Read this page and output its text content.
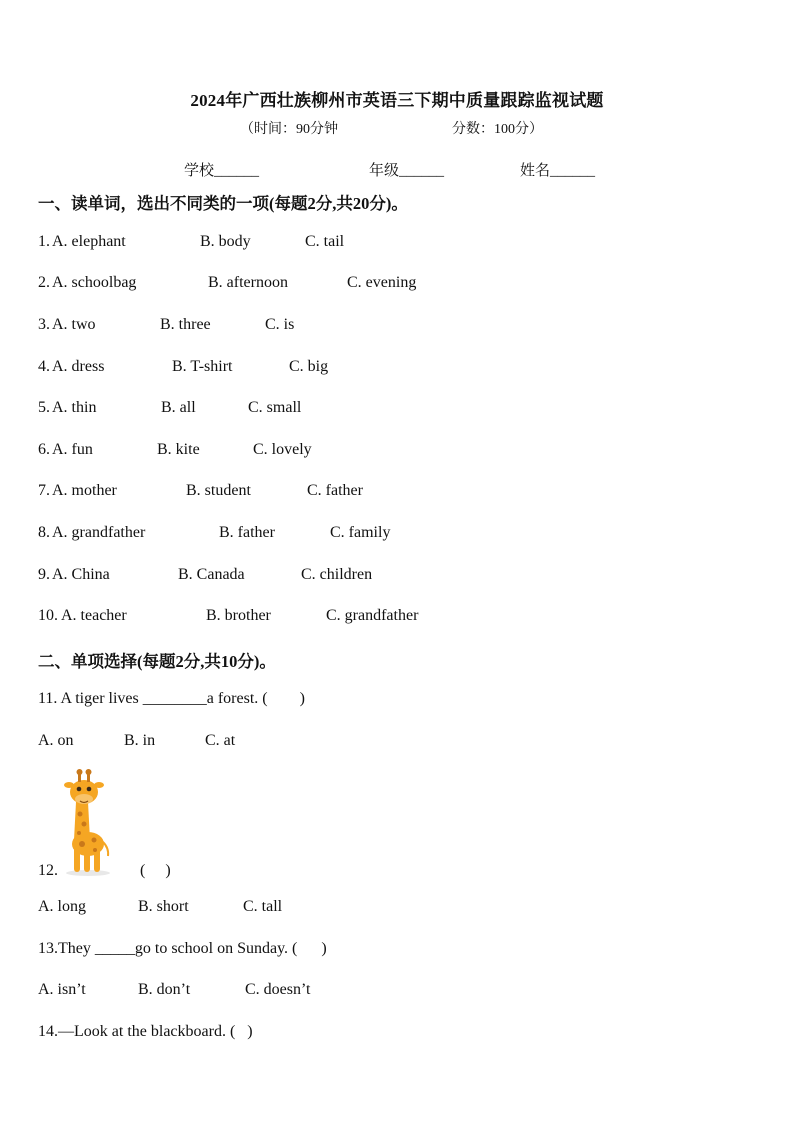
2024年广西壮族柳州市英语三下期中质量跟踪监视试题
（时间：90分钟	分数：100分）
学校______	年级______	姓名______
一、读单词，选出不同类的一项(每题2分,共20分)。
1. A. elephant	B. body	C. tail
2. A. schoolbag	B. afternoon	C. evening
3. A. two	B. three	C. is
4. A. dress	B. T-shirt	C. big
5. A. thin	B. all	C. small
6. A. fun	B. kite	C. lovely
7. A. mother	B. student	C. father
8. A. grandfather	B. father	C. family
9. A. China	B. Canada	C. children
10. A. teacher	B. brother	C. grandfather
二、单项选择(每题2分,共10分)。
11. A tiger lives ________a forest. (        )
A. on	B. in	C. at
12.	(     )
A. long	B. short	C. tall
13.They _____go to school on Sunday. (      )
A. isn’t	B. don’t	C. doesn’t
14.—Look at the blackboard. (   )
